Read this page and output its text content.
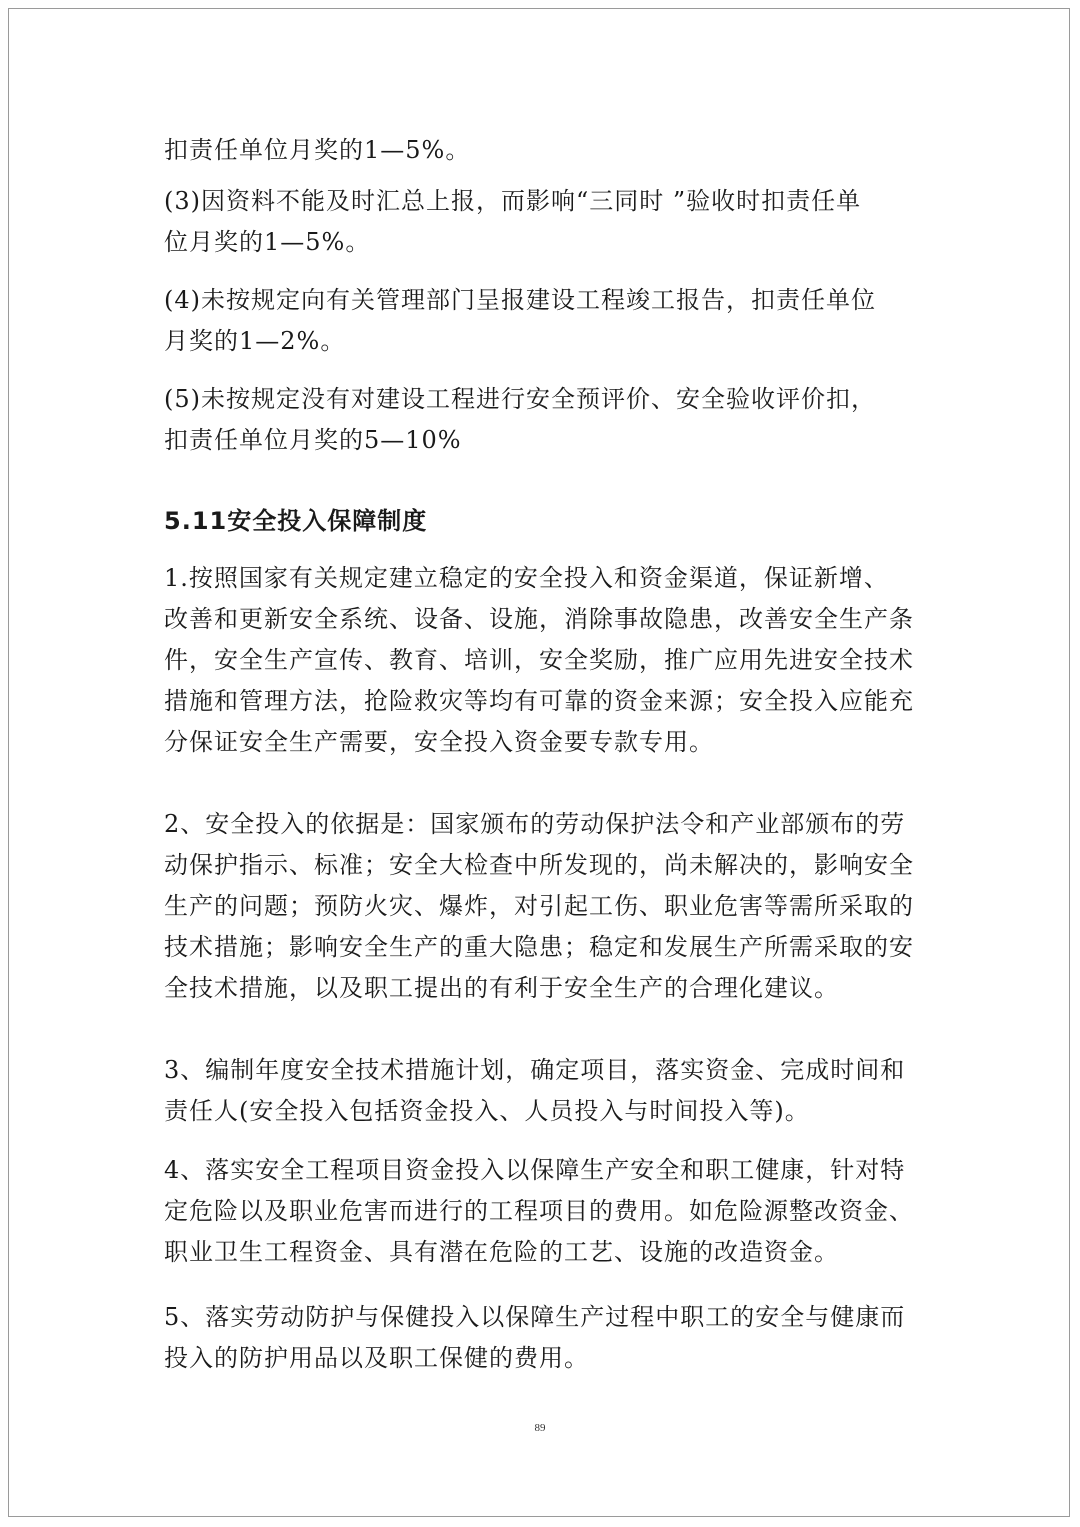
扣责任单位月奖的1—5%。

(3)因资料不能及时汇总上报，而影响“三同时 ”验收时扣责任单
位月奖的1—5%。

(4)未按规定向有关管理部门呈报建设工程竣工报告，扣责任单位
月奖的1—2%。

(5)未按规定没有对建设工程进行安全预评价、安全验收评价扣，
扣责任单位月奖的5—10%

5.11安全投入保障制度

1.按照国家有关规定建立稳定的安全投入和资金渠道，保证新增、
改善和更新安全系统、设备、设施，消除事故隐患，改善安全生产条
件，安全生产宣传、教育、培训，安全奖励，推广应用先进安全技术
措施和管理方法，抢险救灾等均有可靠的资金来源；安全投入应能充
分保证安全生产需要，安全投入资金要专款专用。

2、安全投入的依据是：国家颁布的劳动保护法令和产业部颁布的劳
动保护指示、标准；安全大检查中所发现的，尚未解决的，影响安全
生产的问题；预防火灾、爆炸，对引起工伤、职业危害等需所采取的
技术措施；影响安全生产的重大隐患；稳定和发展生产所需采取的安
全技术措施，以及职工提出的有利于安全生产的合理化建议。

3、编制年度安全技术措施计划，确定项目，落实资金、完成时间和
责任人(安全投入包括资金投入、人员投入与时间投入等)。

4、落实安全工程项目资金投入以保障生产安全和职工健康，针对特
定危险以及职业危害而进行的工程项目的费用。如危险源整改资金、
职业卫生工程资金、具有潜在危险的工艺、设施的改造资金。

5、落实劳动防护与保健投入以保障生产过程中职工的安全与健康而
投入的防护用品以及职工保健的费用。

89
